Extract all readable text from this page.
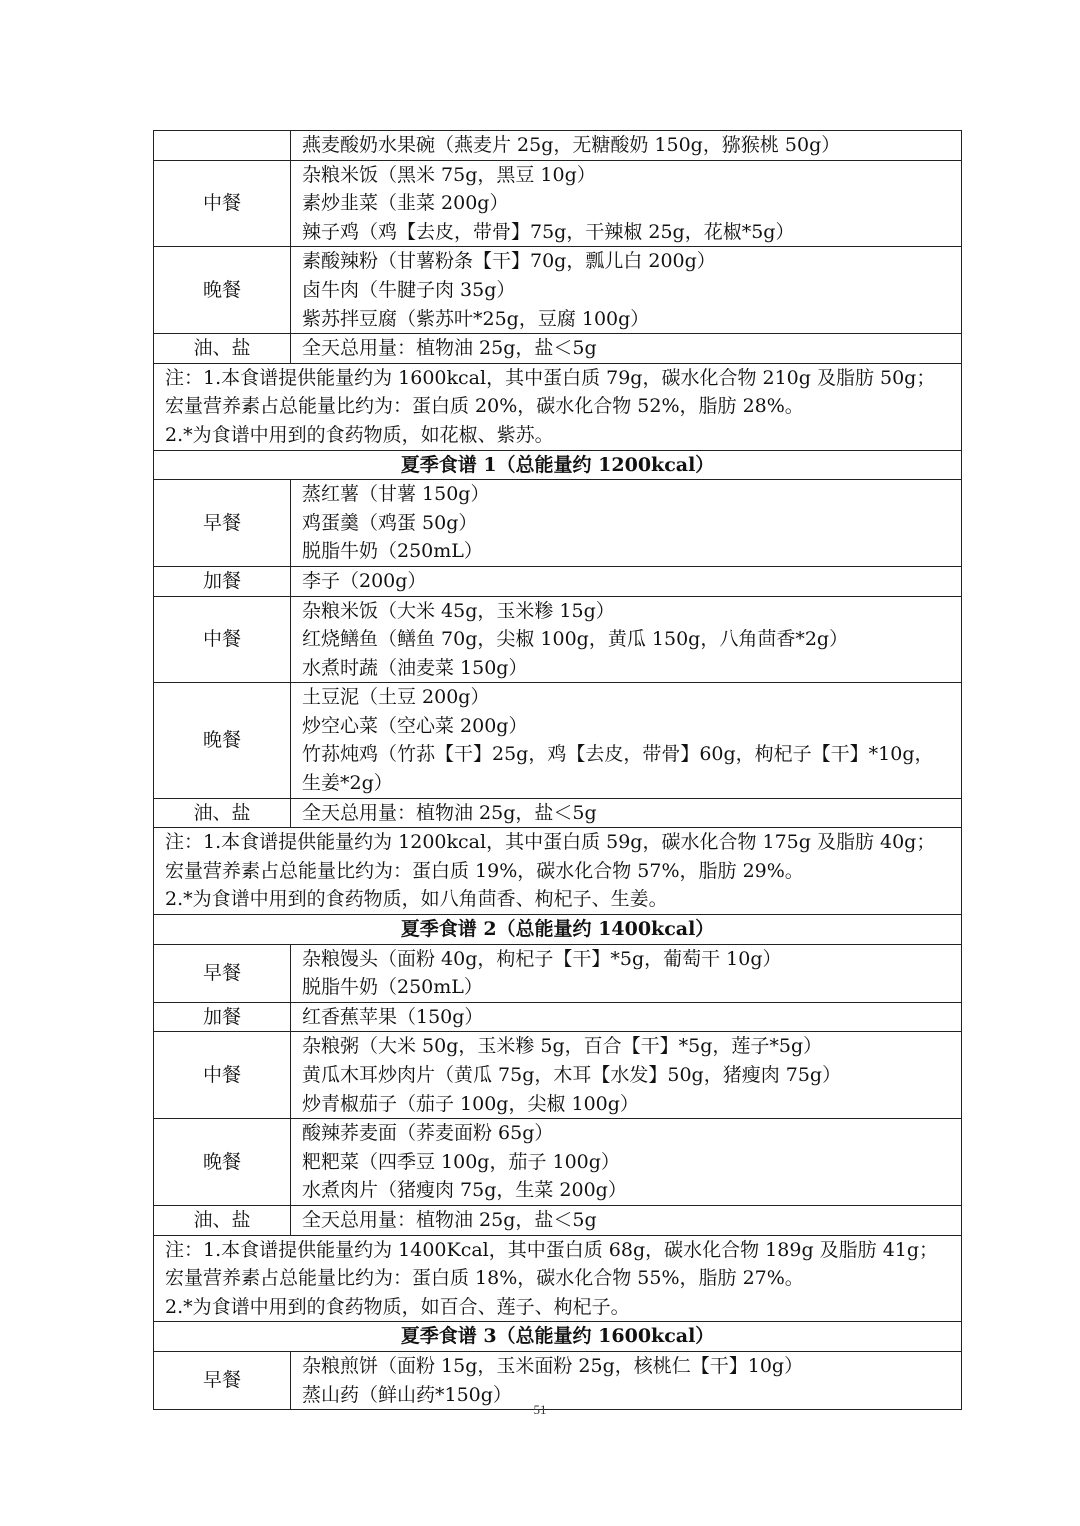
	燕麦酸奶水果碗（燕麦片 25g，无糖酸奶 150g，猕猴桃 50g）

中餐	杂粮米饭（黑米 75g，黑豆 10g）
素炒韭菜（韭菜 200g）
辣子鸡（鸡【去皮，带骨】75g，干辣椒 25g，花椒*5g）

晚餐	素酸辣粉（甘薯粉条【干】70g，瓢儿白 200g）
卤牛肉（牛腱子肉 35g）
紫苏拌豆腐（紫苏叶*25g，豆腐 100g）

油、盐	全天总用量：植物油 25g，盐＜5g

注：1.本食谱提供能量约为 1600kcal，其中蛋白质 79g，碳水化合物 210g 及脂肪 50g；宏量营养素占总能量比约为：蛋白质 20%，碳水化合物 52%，脂肪 28%。
2.*为食谱中用到的食药物质，如花椒、紫苏。	

夏季食谱 1（总能量约 1200kcal）	
早餐	蒸红薯（甘薯 150g）
鸡蛋羹（鸡蛋 50g）
脱脂牛奶（250mL）

加餐	李子（200g）

中餐	杂粮米饭（大米 45g，玉米糁 15g）
红烧鳝鱼（鳝鱼 70g，尖椒 100g，黄瓜 150g，八角茴香*2g）
水煮时蔬（油麦菜 150g）

晚餐	土豆泥（土豆 200g）
炒空心菜（空心菜 200g）
竹荪炖鸡（竹荪【干】25g，鸡【去皮，带骨】60g，枸杞子【干】*10g，
生姜*2g）

油、盐	全天总用量：植物油 25g，盐＜5g

注：1.本食谱提供能量约为 1200kcal，其中蛋白质 59g，碳水化合物 175g 及脂肪 40g；宏量营养素占总能量比约为：蛋白质 19%，碳水化合物 57%，脂肪 29%。
2.*为食谱中用到的食药物质，如八角茴香、枸杞子、生姜。	

夏季食谱 2（总能量约 1400kcal）	
早餐	杂粮馒头（面粉 40g，枸杞子【干】*5g，葡萄干 10g）
脱脂牛奶（250mL）

加餐	红香蕉苹果（150g）

中餐	杂粮粥（大米 50g，玉米糁 5g，百合【干】*5g，莲子*5g）
黄瓜木耳炒肉片（黄瓜 75g，木耳【水发】50g，猪瘦肉 75g）
炒青椒茄子（茄子 100g，尖椒 100g）

晚餐	酸辣荞麦面（荞麦面粉 65g）
粑粑菜（四季豆 100g，茄子 100g）
水煮肉片（猪瘦肉 75g，生菜 200g）

油、盐	全天总用量：植物油 25g，盐＜5g

注：1.本食谱提供能量约为 1400Kcal，其中蛋白质 68g，碳水化合物 189g 及脂肪 41g；宏量营养素占总能量比约为：蛋白质 18%，碳水化合物 55%，脂肪 27%。
2.*为食谱中用到的食药物质，如百合、莲子、枸杞子。	

夏季食谱 3（总能量约 1600kcal）	
早餐	杂粮煎饼（面粉 15g，玉米面粉 25g，核桃仁【干】10g）
蒸山药（鲜山药*150g）
51
